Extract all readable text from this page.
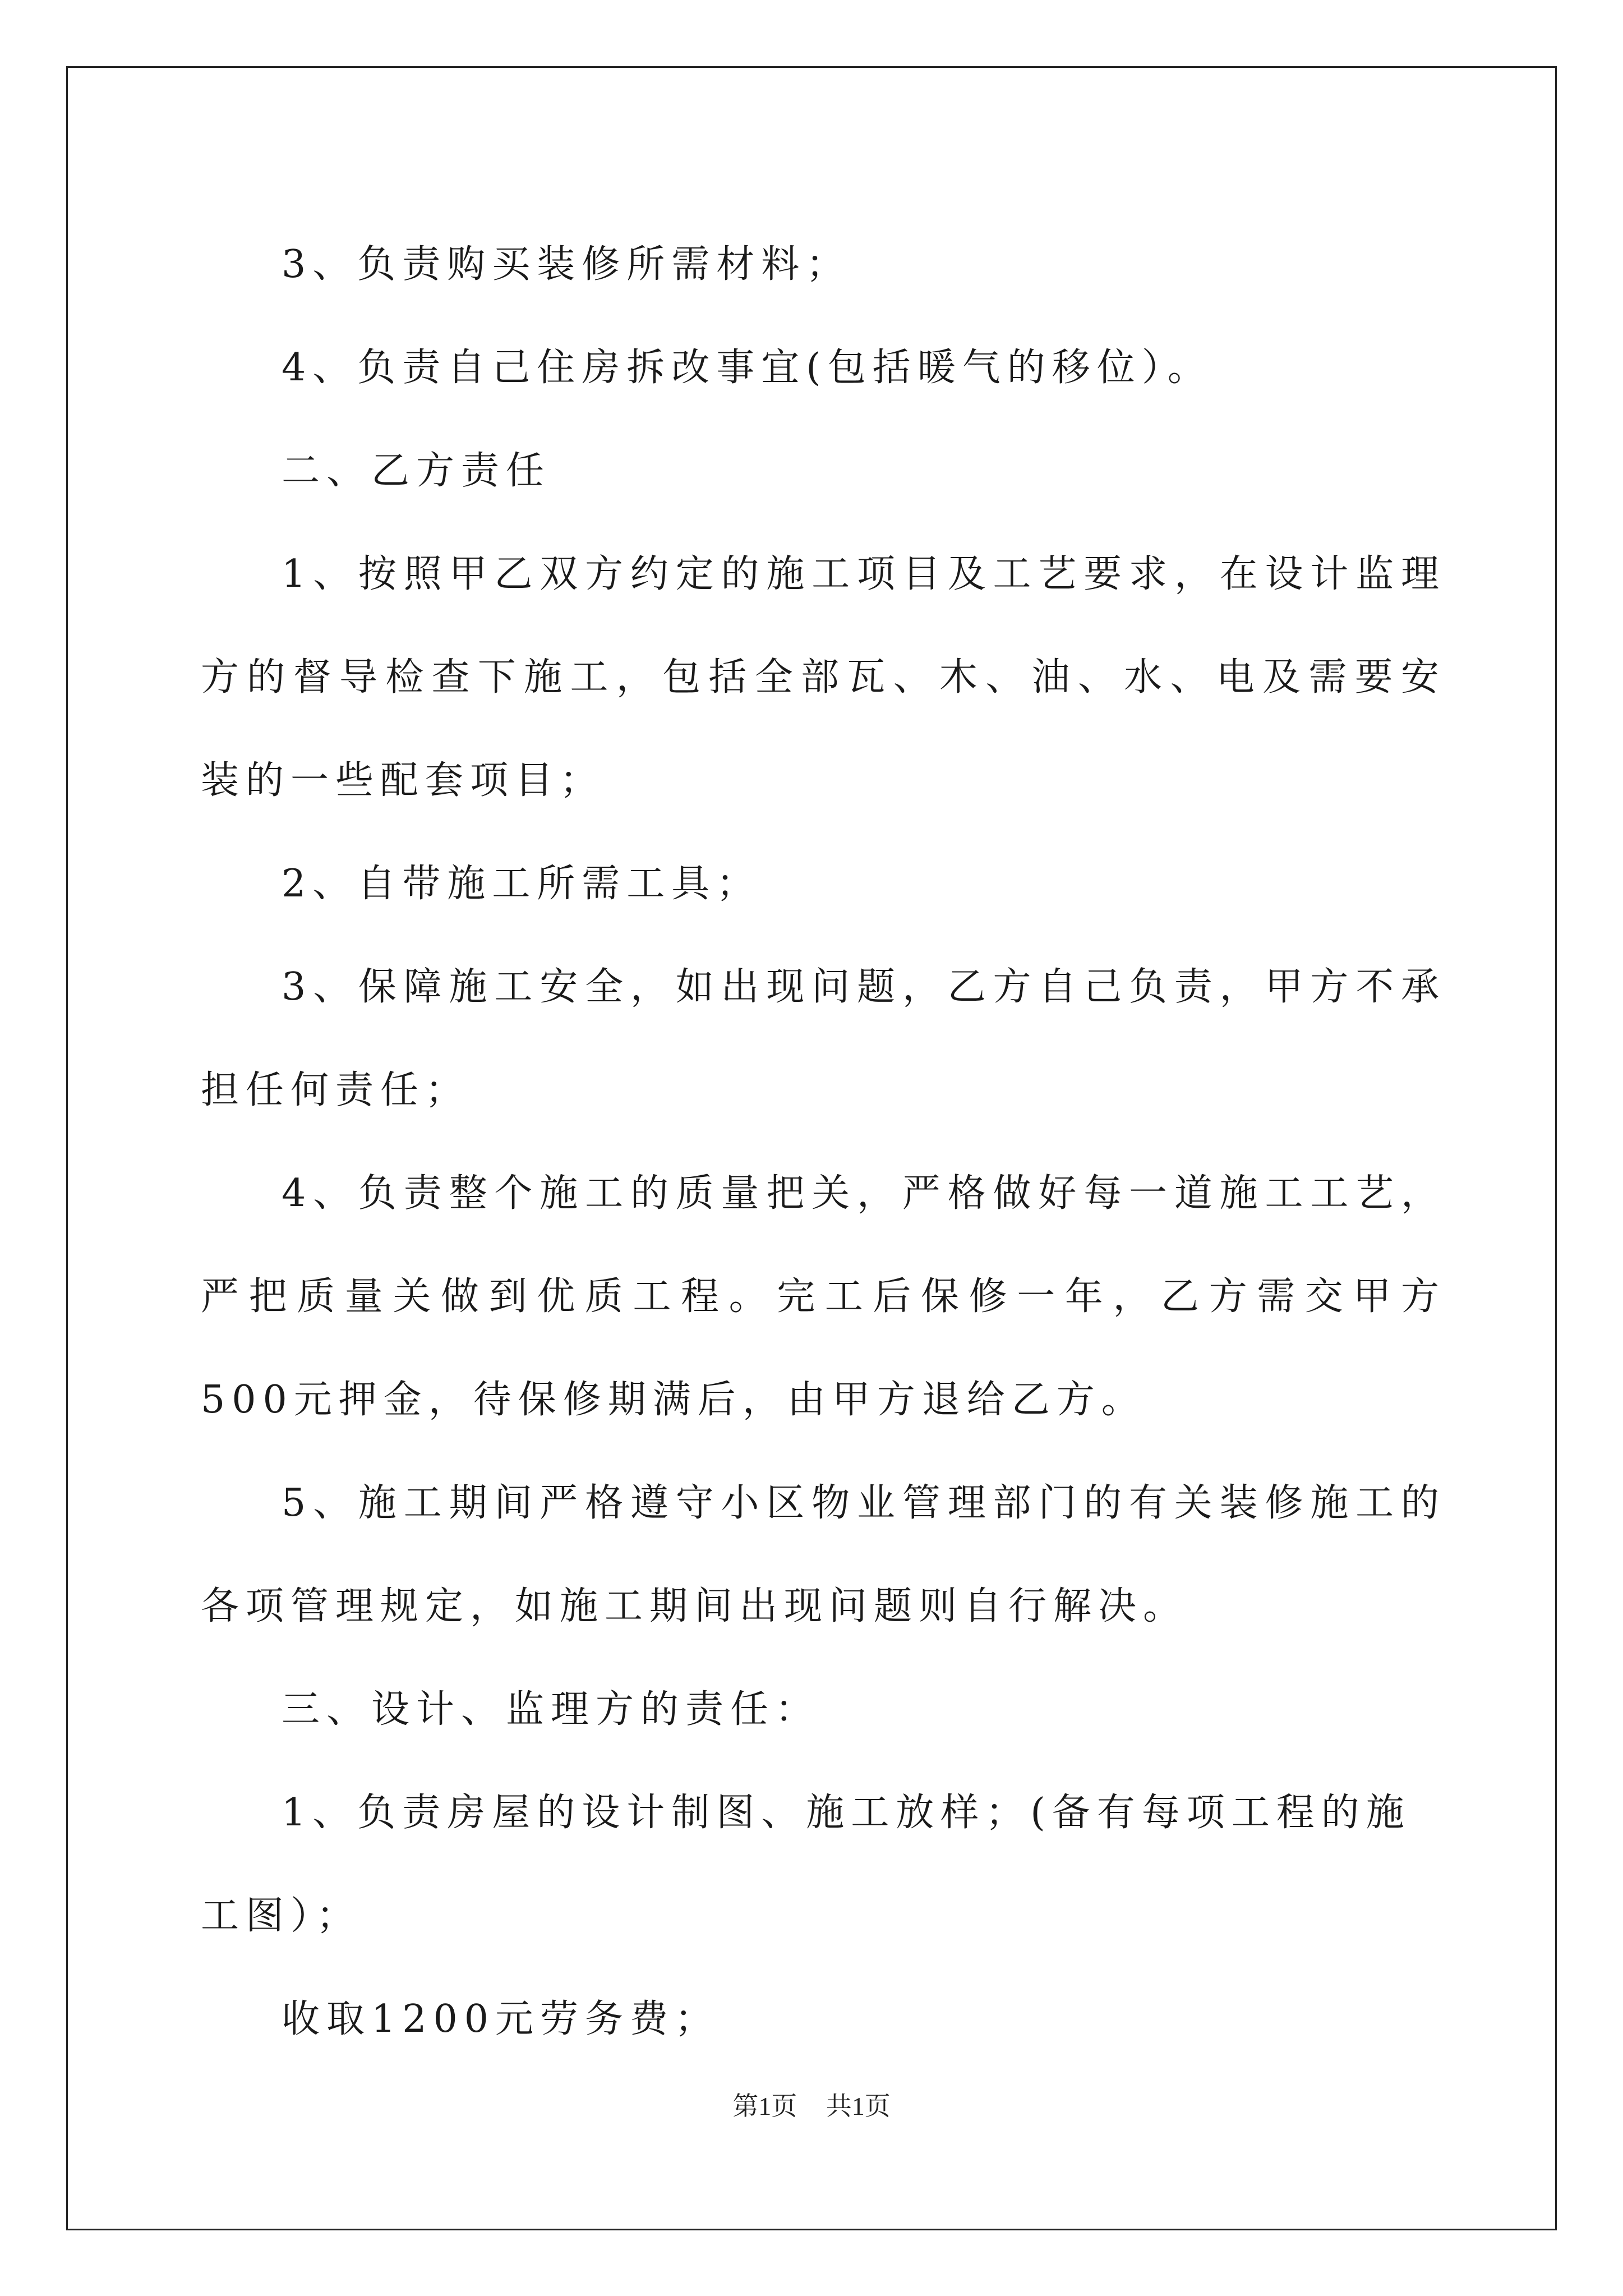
3、负责购买装修所需材料；

4、负责自己住房拆改事宜(包括暖气的移位）。

二、乙方责任

1、按照甲乙双方约定的施工项目及工艺要求，在设计监理方的督导检查下施工，包括全部瓦、木、油、水、电及需要安装的一些配套项目；

2、自带施工所需工具；

3、保障施工安全，如出现问题，乙方自己负责，甲方不承担任何责任；

4、负责整个施工的质量把关，严格做好每一道施工工艺，严把质量关做到优质工程。完工后保修一年，乙方需交甲方500元押金，待保修期满后，由甲方退给乙方。

5、施工期间严格遵守小区物业管理部门的有关装修施工的各项管理规定，如施工期间出现问题则自行解决。

三、设计、监理方的责任：

1、负责房屋的设计制图、施工放样；(备有每项工程的施工图）；

收取1200元劳务费；

第1页 共1页
